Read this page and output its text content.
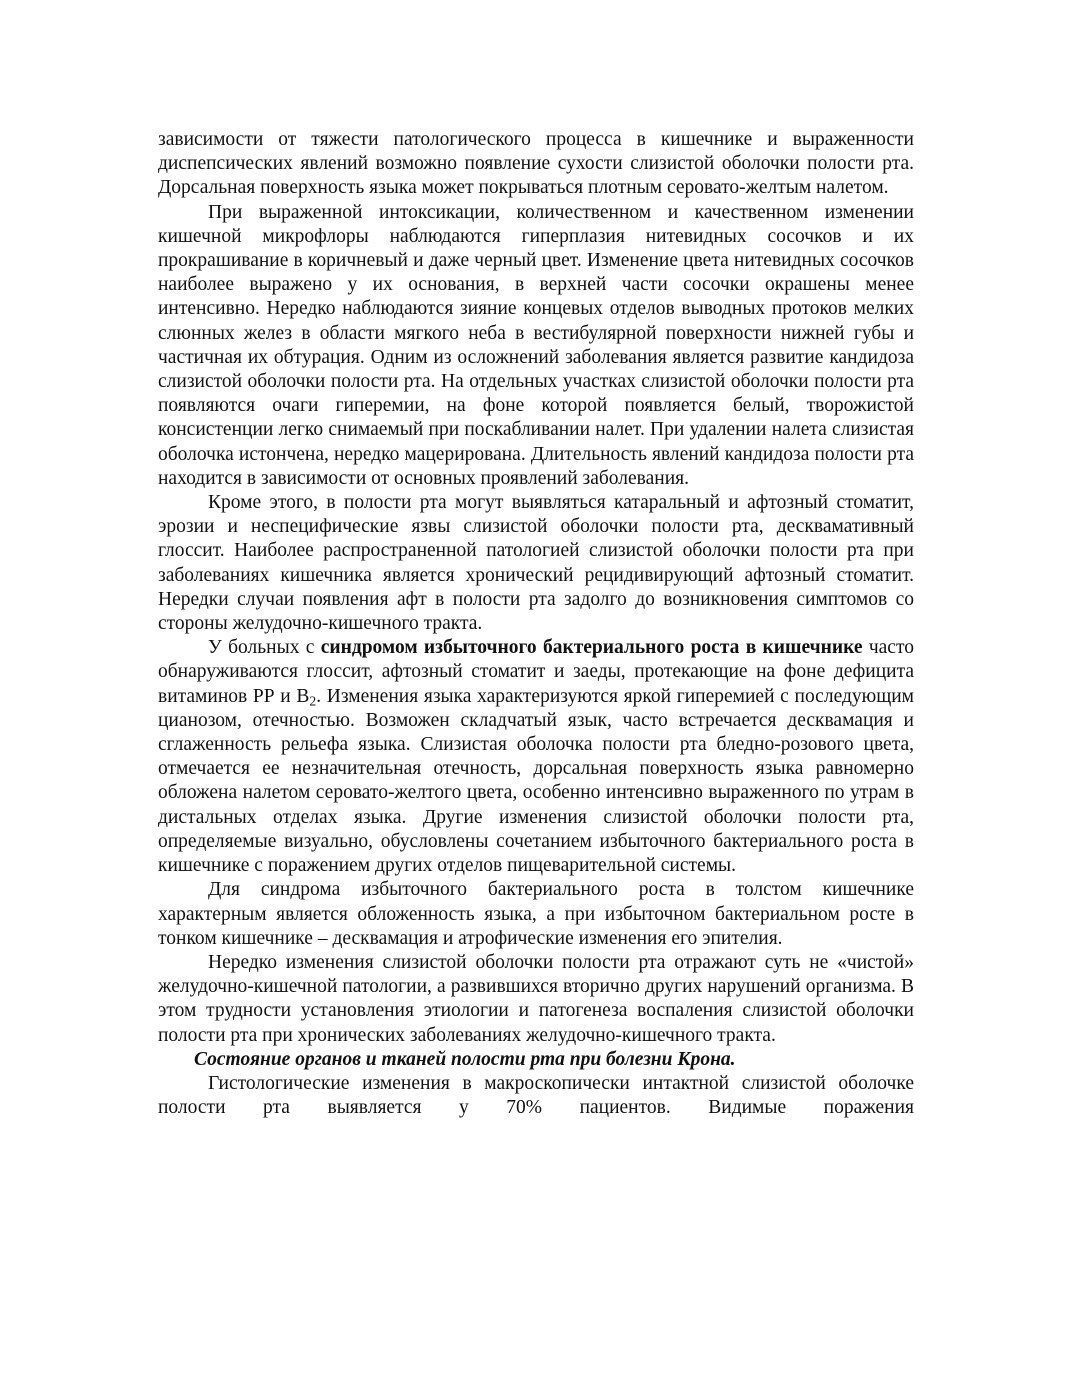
зависимости от тяжести патологического процесса в кишечнике и выраженности диспепсических явлений возможно появление сухости слизистой оболочки полости рта. Дорсальная поверхность языка может покрываться плотным серовато-желтым налетом.

При выраженной интоксикации, количественном и качественном изменении кишечной микрофлоры наблюдаются гиперплазия нитевидных сосочков и их прокрашивание в коричневый и даже черный цвет. Изменение цвета нитевидных сосочков наиболее выражено у их основания, в верхней части сосочки окрашены менее интенсивно. Нередко наблюдаются зияние концевых отделов выводных протоков мелких слюнных желез в области мягкого неба в вестибулярной поверхности нижней губы и частичная их обтурация. Одним из осложнений заболевания является развитие кандидоза слизистой оболочки полости рта. На отдельных участках слизистой оболочки полости рта появляются очаги гиперемии, на фоне которой появляется белый, творожистой консистенции легко снимаемый при поскабливании налет. При удалении налета слизистая оболочка истончена, нередко мацерирована. Длительность явлений кандидоза полости рта находится в зависимости от основных проявлений заболевания.

Кроме этого, в полости рта могут выявляться катаральный и афтозный стоматит, эрозии и неспецифические язвы слизистой оболочки полости рта, десквамативный глоссит. Наиболее распространенной патологией слизистой оболочки полости рта при заболеваниях кишечника является хронический рецидивирующий афтозный стоматит. Нередки случаи появления афт в полости рта задолго до возникновения симптомов со стороны желудочно-кишечного тракта.

У больных с синдромом избыточного бактериального роста в кишечнике часто обнаруживаются глоссит, афтозный стоматит и заеды, протекающие на фоне дефицита витаминов РР и $В_2$. Изменения языка характеризуются яркой гиперемией с последующим цианозом, отечностью. Возможен складчатый язык, часто встречается десквамация и сглаженность рельефа языка. Слизистая оболочка полости рта бледно-розового цвета, отмечается ее незначительная отечность, дорсальная поверхность языка равномерно обложена налетом серовато-желтого цвета, особенно интенсивно выраженного по утрам в дистальных отделах языка. Другие изменения слизистой оболочки полости рта, определяемые визуально, обусловлены сочетанием избыточного бактериального роста в кишечнике с поражением других отделов пищеварительной системы.

Для синдрома избыточного бактериального роста в толстом кишечнике характерным является обложенность языка, а при избыточном бактериальном росте в тонком кишечнике – десквамация и атрофические изменения его эпителия.

Нередко изменения слизистой оболочки полости рта отражают суть не «чистой» желудочно-кишечной патологии, а развившихся вторично других нарушений организма. В этом трудности установления этиологии и патогенеза воспаления слизистой оболочки полости рта при хронических заболеваниях желудочно-кишечного тракта.

Состояние органов и тканей полости рта при болезни Крона.

Гистологические изменения в макроскопически интактной слизистой оболочке полости рта выявляется у 70% пациентов. Видимые поражения
